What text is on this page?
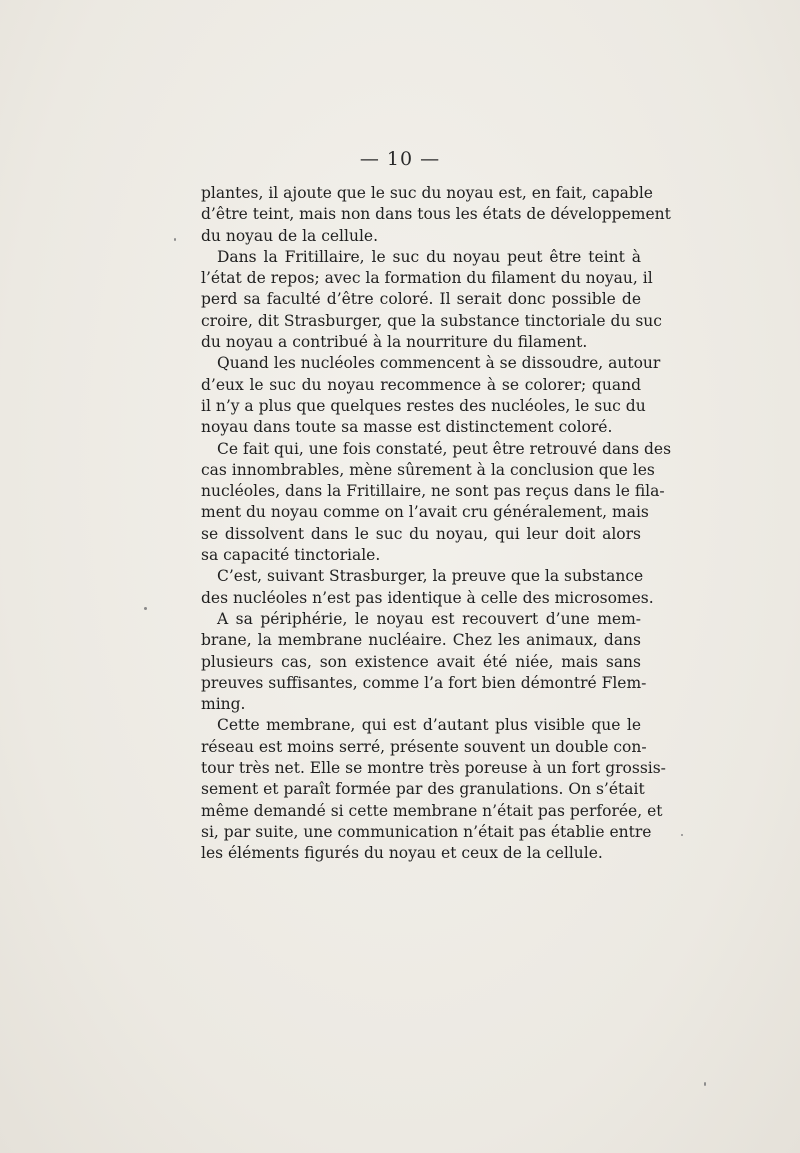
— 10 —
plantes, il ajoute que le suc du noyau est, en fait, capable
d’être teint, mais non dans tous les états de développement
du noyau de la cellule.
Dans la Fritillaire, le suc du noyau peut être teint à
l’état de repos; avec la formation du filament du noyau, il
perd sa faculté d’être coloré. Il serait donc possible de
croire, dit Strasburger, que la substance tinctoriale du suc
du noyau a contribué à la nourriture du filament.
Quand les nucléoles commencent à se dissoudre, autour
d’eux le suc du noyau recommence à se colorer; quand
il n’y a plus que quelques restes des nucléoles, le suc du
noyau dans toute sa masse est distinctement coloré.
Ce fait qui, une fois constaté, peut être retrouvé dans des
cas innombrables, mène sûrement à la conclusion que les
nucléoles, dans la Fritillaire, ne sont pas reçus dans le fila-
ment du noyau comme on l’avait cru généralement, mais
se dissolvent dans le suc du noyau, qui leur doit alors
sa capacité tinctoriale.
C’est, suivant Strasburger, la preuve que la substance
des nucléoles n’est pas identique à celle des microsomes.
A sa périphérie, le noyau est recouvert d’une mem-
brane, la membrane nucléaire. Chez les animaux, dans
plusieurs cas, son existence avait été niée, mais sans
preuves suffisantes, comme l’a fort bien démontré Flem-
ming.
Cette membrane, qui est d’autant plus visible que le
réseau est moins serré, présente souvent un double con-
tour très net. Elle se montre très poreuse à un fort grossis-
sement et paraît formée par des granulations. On s’était
même demandé si cette membrane n’était pas perforée, et
si, par suite, une communication n’était pas établie entre
les éléments figurés du noyau et ceux de la cellule.
